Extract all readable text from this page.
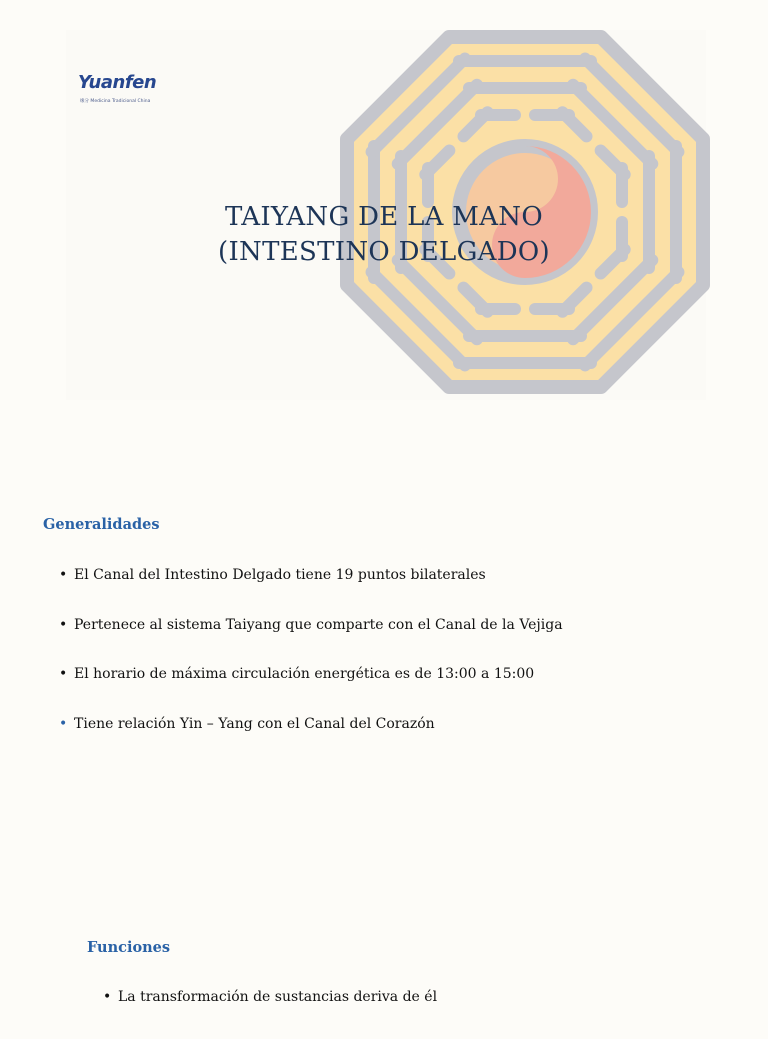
Yuanfen
缘分 Medicina Tradicional China
TAIYANG DE LA MANO
(INTESTINO DELGADO)
Generalidades
• El Canal del Intestino Delgado tiene 19 puntos bilaterales
• Pertenece al sistema Taiyang que comparte con el Canal de la Vejiga
• El horario de máxima circulación energética es de 13:00 a 15:00
• Tiene relación Yin – Yang con el Canal del Corazón
Funciones
• La transformación de sustancias deriva de él
